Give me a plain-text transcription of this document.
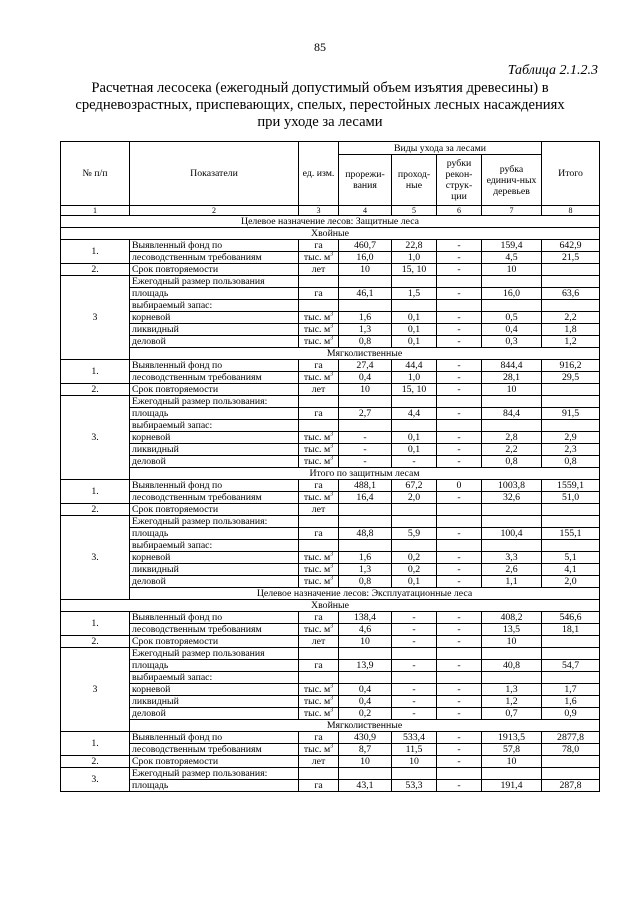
85
Таблица 2.1.2.3
Расчетная лесосека (ежегодный допустимый объем изъятия древесины) в средневозрастных, приспевающих, спелых, перестойных лесных насаждениях при уходе за лесами
№ п/п	Показатели	ед. изм.	Виды ухода за лесами				Итого
			прорежи-вания	проход-ные	рубки рекон-струк-ции	рубка единич-ных деревьев	
1	2	3	4	5	6	7	8
Целевое назначение лесов: Защитные леса							
Хвойные							
1.	Выявленный фонд по	га	460,7	22,8	-	159,4	642,9
	лесоводственным требованиям	тыс. $м^3$	16,0	1,0	-	4,5	21,5
2.	Срок повторяемости	лет	10	15, 10	-	10	
3	Ежегодный размер пользования						
	площадь	га	46,1	1,5	-	16,0	63,6
	выбираемый запас:						
	корневой	тыс. $м^3$	1,6	0,1	-	0,5	2,2
	ликвидный	тыс. $м^3$	1,3	0,1	-	0,4	1,8
	деловой	тыс. $м^3$	0,8	0,1	-	0,3	1,2
	Мягколиственные						
1.	Выявленный фонд по	га	27,4	44,4	-	844,4	916,2
	лесоводственным требованиям	тыс. $м^3$	0,4	1,0	-	28,1	29,5
2.	Срок повторяемости	лет	10	15, 10	-	10	
3.	Ежегодный размер пользования:						
	площадь	га	2,7	4,4	-	84,4	91,5
	выбираемый запас:						
	корневой	тыс. $м^3$	-	0,1	-	2,8	2,9
	ликвидный	тыс. $м^3$	-	0,1	-	2,2	2,3
	деловой	тыс. $м^3$	-	-	-	0,8	0,8
	Итого по защитным лесам						
1.	Выявленный фонд по	га	488,1	67,2	0	1003,8	1559,1
	лесоводственным требованиям	тыс. $м^3$	16,4	2,0	-	32,6	51,0
2.	Срок повторяемости	лет					
3.	Ежегодный размер пользования:						
	площадь	га	48,8	5,9	-	100,4	155,1
	выбираемый запас:						
	корневой	тыс. $м^3$	1,6	0,2	-	3,3	5,1
	ликвидный	тыс. $м^3$	1,3	0,2	-	2,6	4,1
	деловой	тыс. $м^3$	0,8	0,1	-	1,1	2,0
	Целевое назначение лесов: Эксплуатационные леса						
Хвойные							
1.	Выявленный фонд по	га	138,4	-	-	408,2	546,6
	лесоводственным требованиям	тыс. $м^3$	4,6	-	-	13,5	18,1
2.	Срок повторяемости	лет	10	-	-	10	
3	Ежегодный размер пользования						
	площадь	га	13,9	-	-	40,8	54,7
	выбираемый запас:						
	корневой	тыс. $м^3$	0,4	-	-	1,3	1,7
	ликвидный	тыс. $м^3$	0,4	-	-	1,2	1,6
	деловой	тыс. $м^3$	0,2	-	-	0,7	0,9
	Мягколиственные						
1.	Выявленный фонд по	га	430,9	533,4	-	1913,5	2877,8
	лесоводственным требованиям	тыс. $м^3$	8,7	11,5	-	57,8	78,0
2.	Срок повторяемости	лет	10	10	-	10	
3.	Ежегодный размер пользования:						
	площадь	га	43,1	53,3	-	191,4	287,8
